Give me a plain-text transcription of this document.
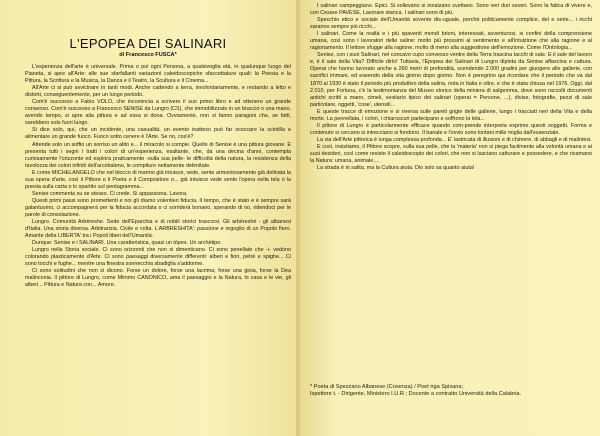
L'EPOPEA DEI SALINARI
di Francesco FUSCA*

L'esperienza dell'arte è universale. Prima o poi ogni Persona, a qualsivoglia età, in qualunque luogo del Pianeta, si apre all'Arte: alle sue sfarfallanti variazioni caleidoscopiche sfaccettature quali: la Poesia e la Pittura, la Scrittura e la Musica, la Danza e il Teatro, la Scultura e il Cinema...

All'Arte ci si può avvicinare in tanti modi. Anche cadendo a terra, involontariamente, e restando a letto e distorti, conseguentemente, per un lungo periodo.

Com'è successo a Fabio VOLO, che incomincia a scrivere il suo primo libro e ad ottenere un grande consenso. Com'è successo a Francesco SENISE da Lungro (CS), che immobilizzato in un braccio o una mano, avendo tempo, si apre alla pittura e ad essa si dona. Ovviamente, non si fanno paragoni che, se fatti, sarebbero solo fuori luogo.

Si dice solo, qui, che un incidente, una casualità, un evento inatteso può far scoccare la scintilla e alimentare un grande fuoco. Fuoco sotto cenere è l'Arte. Se no, cos'è?

Attende solo un soffio un sorriso un alito e... il miracolo si compie. Quello di Senise è una pittura giovane. E presenta tutti i segni i tratti i colori di un'esperienza, esaltante, che, da una decina d'anni, contempla curiosamente l'orizzonte ed esplora praticamente -sulla sua pelle- le difficoltà della natura, la resistenza della tavolozza dei colori infiniti dell'arcobaleno, le compiture nettamente delimitate.

E come MICHELANGELO che nel blocco di marmo già intuisce, vede, sente armoniosamente già delinata la sua opera d'arte, così il Pittore o il Poeta o il Compositore o... già intuisce vede sente l'opera nella tela o la poesia sulla carta o lo spartito sul pentagramma...

Senise commenta su se stesso. Ci crede. Si appassiona. Lavora.

Questi primi passi sono promettenti e noi gli diamo volentieri fiducia. Il tempo, che è stato e è sempre sarà galantuomo, ci accompagnerà per la fiducia accordata o ci sorriderà bonario, sperando di no, ridendoci per le parole di consolazione.

Lungro. Comunità Arbëreshe. Sede dell'Eparchia e di nobili storici trascorsi. Gli arbëreshë - gli albanesi d'Italia. Una storia diversa. Arbitrarizia. Civile e colta. L'ARBRESHITA': passione e orgoglio di un Popolo fiero. Amante della LIBERTA' tra i Popoli liberi dell'Umanità.

Dunque: Senise e i SALINARI. Una caratteristica, quasi un tòpos. Un archètipo.

Lungro nella Storia sociale. Ci sono orizzonti che non si dimenticano. Ci sono penellate che -i- vedono colorando plasticamente d'Arte. Ci sono paesaggi diversamente differenti: alberi e fiori, petrè e spighe... Ci sono tocchi e fughe... mentre una finestra sonnecchia sbadiglia s'addorme.

Ci sono solitudini che non si dicono. Forse un dolore, forse una lacrima; forse una gioia, forse la Dea malinconia. Il pittore di Lungro, come Mimmo CANONICO, ama il paesaggio e la Natura, lo casa e le vie, gli alberi... Pittura e Natura con... Amore.

I salinari campeggiano. Epici. Si sollevano si innalzano svettano. Sono veri duri severi. Sono la fatica di vivere e, con Cesare PAVESE, Lavorare stanca. I salinari sono di più.

Specchio etico e sociale dell'Umanità sovente dis-uguale, perché politicamente complice, del e serie... i ricchi saranno sempre più ricchi...

I salinari. Come la realtà e i più spaventi mondi brioni, interessati, avventurosi, si confini della comprensione umana, così sono i lavoratori delle saline: molto più prossimi al sentimento e all'intuizione che alla ragione e al ragionamento. Il lettore sfugge alla ragione, molto di meno alla suggestione dell'emozione. Come l'Ontologia...

Senise, con i suoi Salinari, nel concavo cupo convesso ventre della Terra trascina tacchi di sale. E il sale del lavoro e, è il sale della Vita? Difficile dirlo! Tuttavia, l'Epopea dei Salinari di Lungro dipinta da Senise affascina e cattura. Operai che hanno lavorato anche a 260 metri di profondità, scendendo 2.000 gradini per giungere alle gallerie, con sacrifici immani, ed eseendo della vita giorno dopo giorno. Non è peregrino qui ricordare che il periodo che va dal 1870 al 1930 è stato il periodo più produttivo della salina, nota in Italia e oltre, e che è stata chiusa nel 1976. Oggi, dal 2.010, per Fortuna, c'è la testimonianza del Museo storico della miniera di salgemma, dove sono raccolti documenti antichi scritti a mano, cimeli, vestiario tipico dei salinari (operai = Persone, ...), divise, fotografie, pezzi di sale particolare, oggetti, 'cose', utensili...

E queste tracce di emozione e si riversa sulle pareti grigie delle gallerie, lungo i tracciati neri della Vita e della morte. La pennellata, i colori, i chiaroscuri partecipano e soffrono la tela...

Il pittore di Lungro è particolarmente efficace quando com-prende interpreta esprime questi soggetti. Forma e contenuto si cercano si intrecciano si fondono. Il banale e l'ovvio sono lontani mille miglia dall'essenziale.

La via dell'Arte pittorica è lunga complessa profonda... E' lastricata di illusioni e di chimere, di abbagli e di malintesi.

E così, insistiamo, il Pittore scopre, sulla sua pelle, che la 'materia' non si piega facilmente alla volontà umana e ai suoi desideri, così come resiste il caleidoscopio dei colori, che non si lasciano catturare e possedere, e che ricamano la Natura: umana, animale,...

La strada è in salita, ma la Cultura aiuta. Dio solo sa quanto aiuta!

* Poeta di Spezzano Albanese (Cosenza) / Poet nga Spixana;

Ispettore t. - Dirigente, Ministero I.U.R.; Docente a contratto Università della Calabria.
